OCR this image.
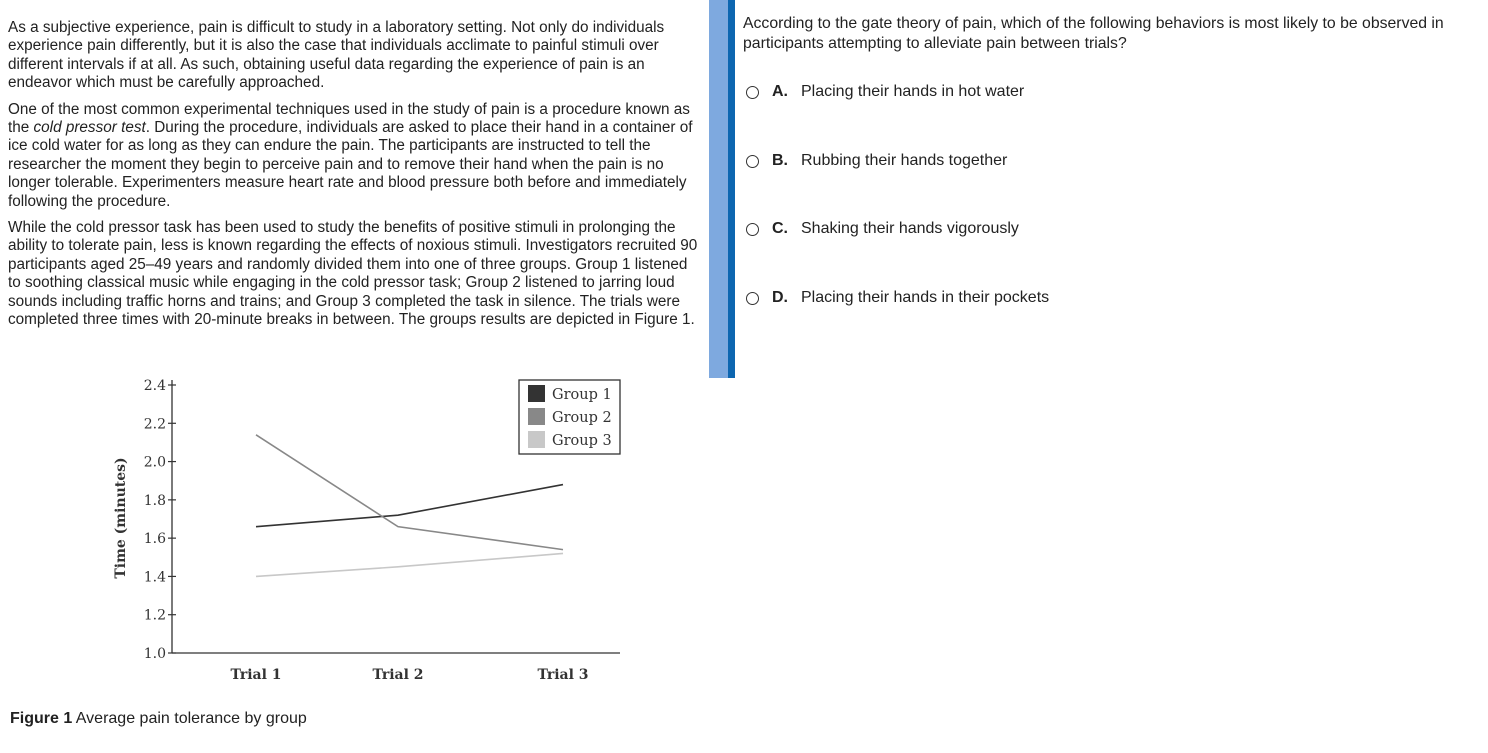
As a subjective experience, pain is difficult to study in a laboratory setting. Not only do individuals experience pain differently, but it is also the case that individuals acclimate to painful stimuli over different intervals if at all. As such, obtaining useful data regarding the experience of pain is an endeavor which must be carefully approached.

One of the most common experimental techniques used in the study of pain is a procedure known as the cold pressor test. During the procedure, individuals are asked to place their hand in a container of ice cold water for as long as they can endure the pain. The participants are instructed to tell the researcher the moment they begin to perceive pain and to remove their hand when the pain is no longer tolerable. Experimenters measure heart rate and blood pressure both before and immediately following the procedure.

While the cold pressor task has been used to study the benefits of positive stimuli in prolonging the ability to tolerate pain, less is known regarding the effects of noxious stimuli. Investigators recruited 90 participants aged 25–49 years and randomly divided them into one of three groups. Group 1 listened to soothing classical music while engaging in the cold pressor task; Group 2 listened to jarring loud sounds including traffic horns and trains; and Group 3 completed the task in silence. The trials were completed three times with 20-minute breaks in between. The groups results are depicted in Figure 1.

1.0
1.2
1.4
1.6
1.8
2.0
2.2
2.4
Trial 1	Trial 2	Trial 3
Time (minutes)
Group 1
Group 2
Group 3
Figure 1 Average pain tolerance by group
According to the gate theory of pain, which of the following behaviors is most likely to be observed in participants attempting to alleviate pain between trials?
A. Placing their hands in hot water
B. Rubbing their hands together
C. Shaking their hands vigorously
D. Placing their hands in their pockets
